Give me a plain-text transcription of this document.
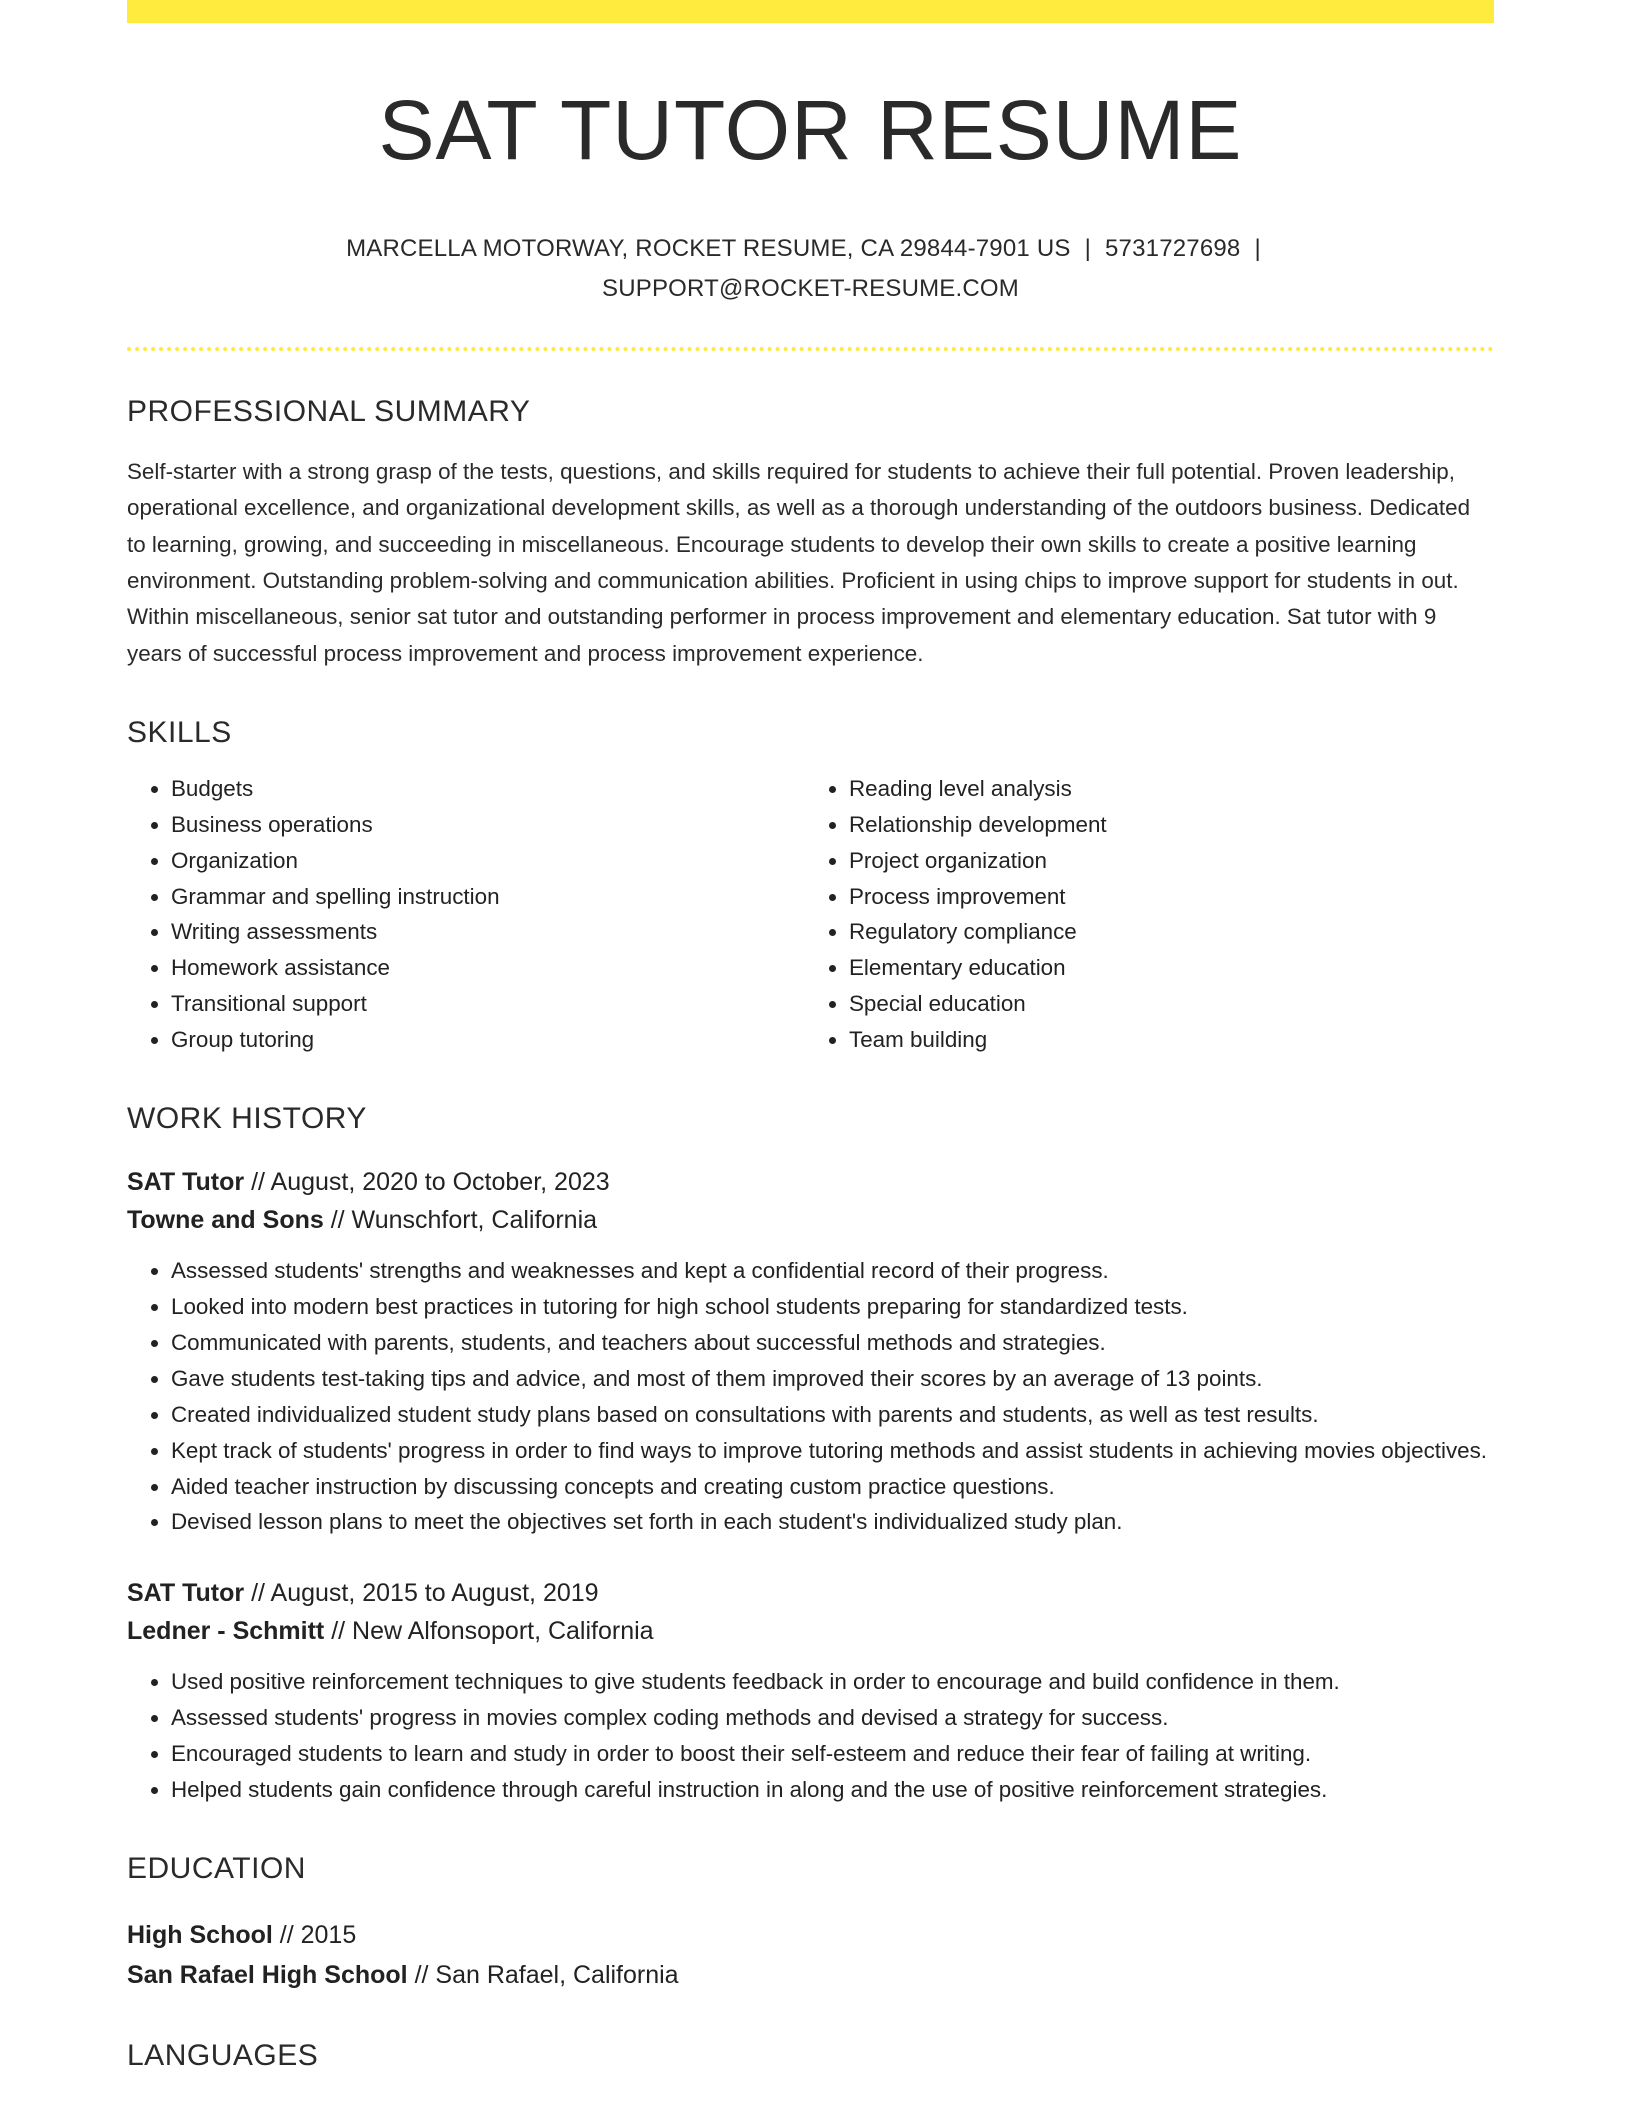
SAT TUTOR RESUME
MARCELLA MOTORWAY, ROCKET RESUME, CA 29844-7901 US | 5731727698 |
SUPPORT@ROCKET-RESUME.COM
PROFESSIONAL SUMMARY
Self-starter with a strong grasp of the tests, questions, and skills required for students to achieve their full potential. Proven leadership, operational excellence, and organizational development skills, as well as a thorough understanding of the outdoors business. Dedicated to learning, growing, and succeeding in miscellaneous. Encourage students to develop their own skills to create a positive learning environment. Outstanding problem-solving and communication abilities. Proficient in using chips to improve support for students in out. Within miscellaneous, senior sat tutor and outstanding performer in process improvement and elementary education. Sat tutor with 9 years of successful process improvement and process improvement experience.
SKILLS
• Budgets
• Business operations
• Organization
• Grammar and spelling instruction
• Writing assessments
• Homework assistance
• Transitional support
• Group tutoring
• Reading level analysis
• Relationship development
• Project organization
• Process improvement
• Regulatory compliance
• Elementary education
• Special education
• Team building
WORK HISTORY
SAT Tutor // August, 2020 to October, 2023
Towne and Sons // Wunschfort, California
• Assessed students' strengths and weaknesses and kept a confidential record of their progress.
• Looked into modern best practices in tutoring for high school students preparing for standardized tests.
• Communicated with parents, students, and teachers about successful methods and strategies.
• Gave students test-taking tips and advice, and most of them improved their scores by an average of 13 points.
• Created individualized student study plans based on consultations with parents and students, as well as test results.
• Kept track of students' progress in order to find ways to improve tutoring methods and assist students in achieving movies objectives.
• Aided teacher instruction by discussing concepts and creating custom practice questions.
• Devised lesson plans to meet the objectives set forth in each student's individualized study plan.
SAT Tutor // August, 2015 to August, 2019
Ledner - Schmitt // New Alfonsoport, California
• Used positive reinforcement techniques to give students feedback in order to encourage and build confidence in them.
• Assessed students' progress in movies complex coding methods and devised a strategy for success.
• Encouraged students to learn and study in order to boost their self-esteem and reduce their fear of failing at writing.
• Helped students gain confidence through careful instruction in along and the use of positive reinforcement strategies.
EDUCATION
High School // 2015
San Rafael High School // San Rafael, California
LANGUAGES
